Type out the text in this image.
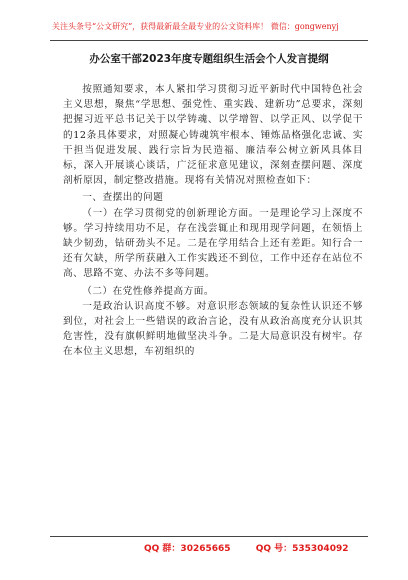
关注头条号“公文研究”，获得最新最全最专业的公文资料库！ 微信：gongwenyj
办公室干部2023年度专题组织生活会个人发言提纲

按照通知要求，本人紧扣学习贯彻习近平新时代中国特色社会主义思想，聚焦“学思想、强党性、重实践、建新功”总要求，深刻把握习近平总书记关于以学铸魂、以学增智、以学正风、以学促干的12条具体要求，对照凝心铸魂筑牢根本、锤炼品格强化忠诚、实干担当促进发展、践行宗旨为民造福、廉洁奉公树立新风具体目标，深入开展谈心谈话，广泛征求意见建议，深刻查摆问题、深度剖析原因，制定整改措施。现将有关情况对照检查如下：

一、查摆出的问题

（一）在学习贯彻党的创新理论方面。一是理论学习上深度不够。学习持续用功不足，存在浅尝辄止和现用现学问题，在领悟上缺少韧劲，钻研劲头不足。二是在学用结合上还有差距。知行合一还有欠缺，所学所获融入工作实践还不到位，工作中还存在站位不高、思路不宽、办法不多等问题。

（二）在党性修养提高方面。

一是政治认识高度不够。对意识形态领域的复杂性认识还不够到位，对社会上一些错误的政治言论，没有从政治高度充分认识其危害性，没有旗帜鲜明地做坚决斗争。二是大局意识没有树牢。存在本位主义思想，车初组织的

QQ 群：30265665	QQ 号：535304092
